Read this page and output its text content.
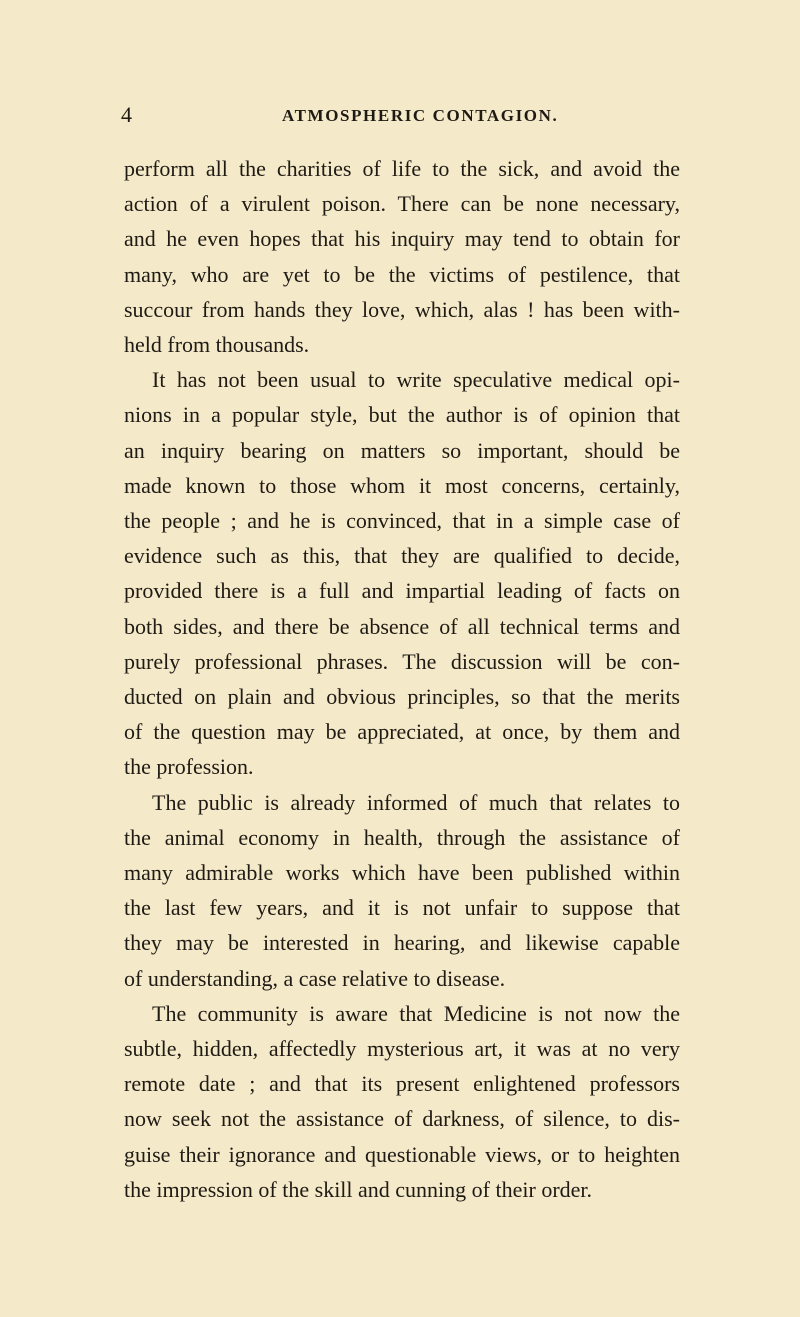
4	ATMOSPHERIC CONTAGION.
perform all the charities of life to the sick, and avoid the
action of a virulent poison. There can be none necessary,
and he even hopes that his inquiry may tend to obtain for
many, who are yet to be the victims of pestilence, that
succour from hands they love, which, alas ! has been with-
held from thousands.
It has not been usual to write speculative medical opi-
nions in a popular style, but the author is of opinion that
an inquiry bearing on matters so important, should be
made known to those whom it most concerns, certainly,
the people ; and he is convinced, that in a simple case of
evidence such as this, that they are qualified to decide,
provided there is a full and impartial leading of facts on
both sides, and there be absence of all technical terms and
purely professional phrases. The discussion will be con-
ducted on plain and obvious principles, so that the merits
of the question may be appreciated, at once, by them and
the profession.
The public is already informed of much that relates to
the animal economy in health, through the assistance of
many admirable works which have been published within
the last few years, and it is not unfair to suppose that
they may be interested in hearing, and likewise capable
of understanding, a case relative to disease.
The community is aware that Medicine is not now the
subtle, hidden, affectedly mysterious art, it was at no very
remote date ; and that its present enlightened professors
now seek not the assistance of darkness, of silence, to dis-
guise their ignorance and questionable views, or to heighten
the impression of the skill and cunning of their order.
